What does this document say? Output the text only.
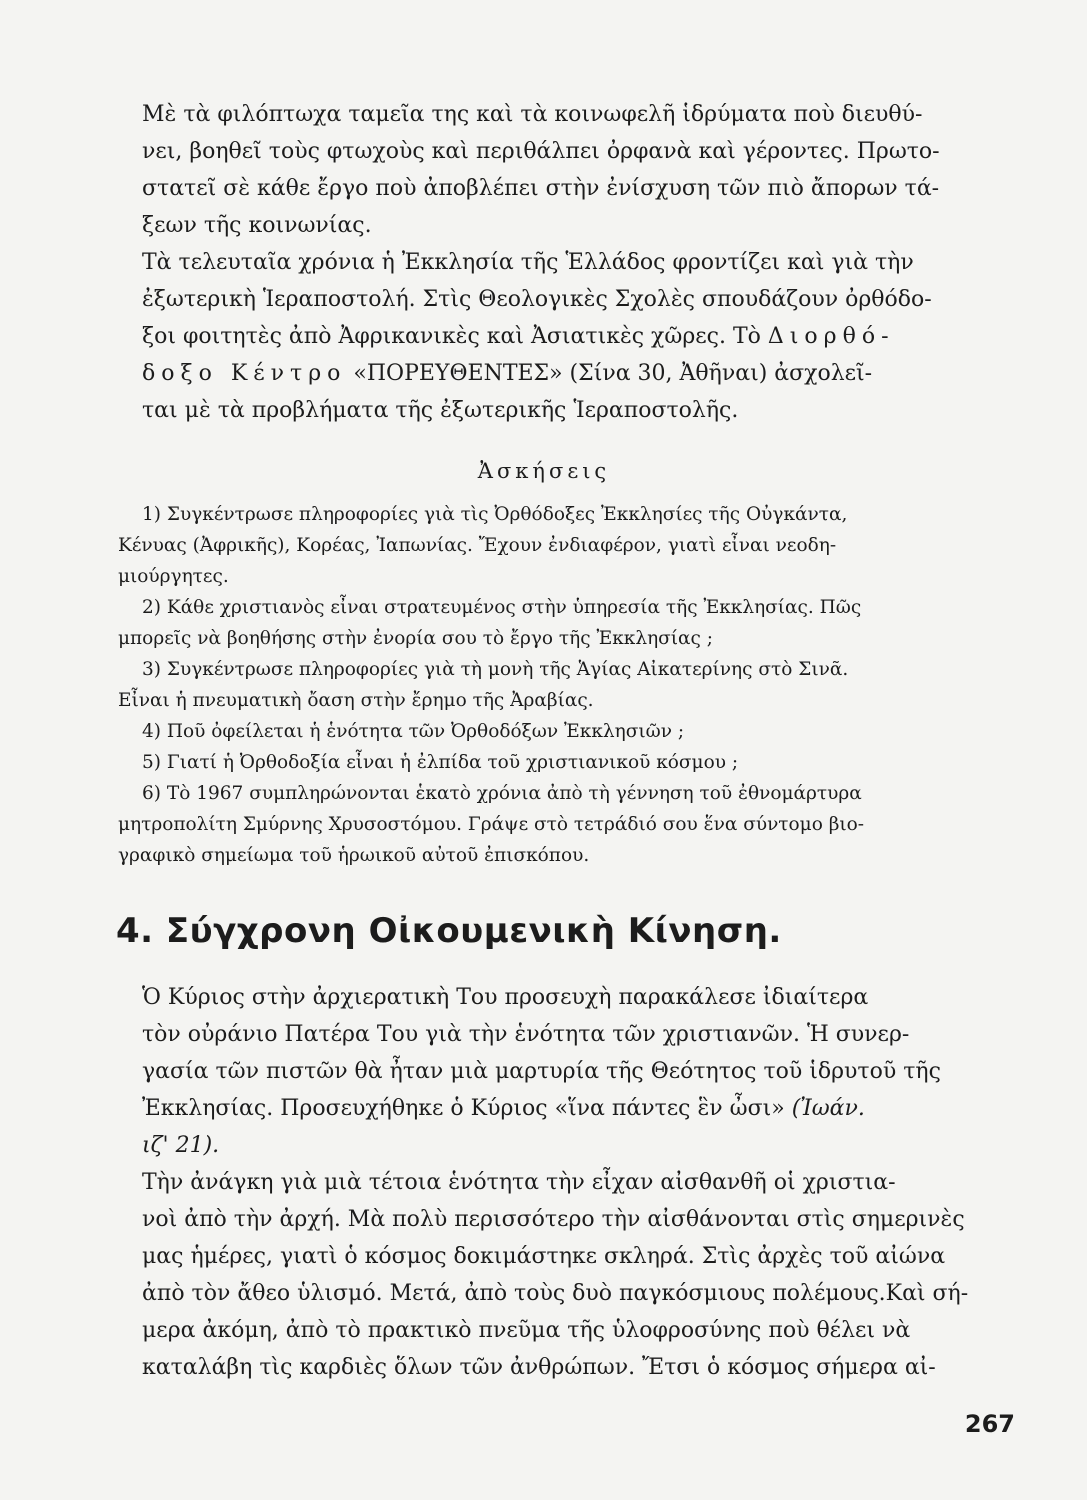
Μὲ τὰ φιλόπτωχα ταμεῖα της καὶ τὰ κοινωφελῆ ἱδρύματα ποὺ διευθύ-
νει, βοηθεῖ τοὺς φτωχοὺς καὶ περιθάλπει ὀρφανὰ καὶ γέροντες. Πρωτο-
στατεῖ σὲ κάθε ἔργο ποὺ ἀποβλέπει στὴν ἐνίσχυση τῶν πιὸ ἄπορων τά-
ξεων τῆς κοινωνίας.

Τὰ τελευταῖα χρόνια ἡ Ἐκκλησία τῆς Ἑλλάδος φροντίζει καὶ γιὰ τὴν
ἐξωτερικὴ Ἱεραποστολή. Στὶς Θεολογικὲς Σχολὲς σπουδάζουν ὀρθόδο-
ξοι φοιτητὲς ἀπὸ Ἀφρικανικὲς καὶ Ἀσιατικὲς χῶρες. Τὸ Διορθό-
δοξο Κέντρο «ΠΟΡΕΥΘΕΝΤΕΣ» (Σίνα 30, Ἀθῆναι) ἀσχολεῖ-
ται μὲ τὰ προβλήματα τῆς ἐξωτερικῆς Ἱεραποστολῆς.

Ἀσκήσεις
1) Συγκέντρωσε πληροφορίες γιὰ τὶς Ὀρθόδοξες Ἐκκλησίες τῆς Οὐγκάντα,
Κένυας (Ἀφρικῆς), Κορέας, Ἰαπωνίας. Ἔχουν ἐνδιαφέρον, γιατὶ εἶναι νεοδη-
μιούργητες.
2) Κάθε χριστιανὸς εἶναι στρατευμένος στὴν ὑπηρεσία τῆς Ἐκκλησίας. Πῶς
μπορεῖς νὰ βοηθήσης στὴν ἐνορία σου τὸ ἔργο τῆς Ἐκκλησίας ;
3) Συγκέντρωσε πληροφορίες γιὰ τὴ μονὴ τῆς Ἁγίας Αἰκατερίνης στὸ Σινᾶ.
Εἶναι ἡ πνευματικὴ ὄαση στὴν ἔρημο τῆς Ἀραβίας.
4) Ποῦ ὀφείλεται ἡ ἑνότητα τῶν Ὀρθοδόξων Ἐκκλησιῶν ;
5) Γιατί ἡ Ὀρθοδοξία εἶναι ἡ ἐλπίδα τοῦ χριστιανικοῦ κόσμου ;
6) Τὸ 1967 συμπληρώνονται ἑκατὸ χρόνια ἀπὸ τὴ γέννηση τοῦ ἐθνομάρτυρα
μητροπολίτη Σμύρνης Χρυσοστόμου. Γράψε στὸ τετράδιό σου ἕνα σύντομο βιο-
γραφικὸ σημείωμα τοῦ ἡρωικοῦ αὐτοῦ ἐπισκόπου.
4. Σύγχρονη Οἰκουμενικὴ Κίνηση.

Ὁ Κύριος στὴν ἀρχιερατικὴ Του προσευχὴ παρακάλεσε ἰδιαίτερα
τὸν οὐράνιο Πατέρα Του γιὰ τὴν ἑνότητα τῶν χριστιανῶν. Ἡ συνερ-
γασία τῶν πιστῶν θὰ ἦταν μιὰ μαρτυρία τῆς Θεότητος τοῦ ἱδρυτοῦ τῆς
Ἐκκλησίας. Προσευχήθηκε ὁ Κύριος «ἵνα πάντες ἓν ὦσι» (Ἰωάν.
ιζ' 21).

Τὴν ἀνάγκη γιὰ μιὰ τέτοια ἑνότητα τὴν εἶχαν αἰσθανθῆ οἱ χριστια-
νοὶ ἀπὸ τὴν ἀρχή. Μὰ πολὺ περισσότερο τὴν αἰσθάνονται στὶς σημερινὲς
μας ἡμέρες, γιατὶ ὁ κόσμος δοκιμάστηκε σκληρά. Στὶς ἀρχὲς τοῦ αἰώνα
ἀπὸ τὸν ἄθεο ὑλισμό. Μετά, ἀπὸ τοὺς δυὸ παγκόσμιους πολέμους.Καὶ σή-
μερα ἀκόμη, ἀπὸ τὸ πρακτικὸ πνεῦμα τῆς ὑλοφροσύνης ποὺ θέλει νὰ
καταλάβη τὶς καρδιὲς ὅλων τῶν ἀνθρώπων. Ἔτσι ὁ κόσμος σήμερα αἰ-

267
